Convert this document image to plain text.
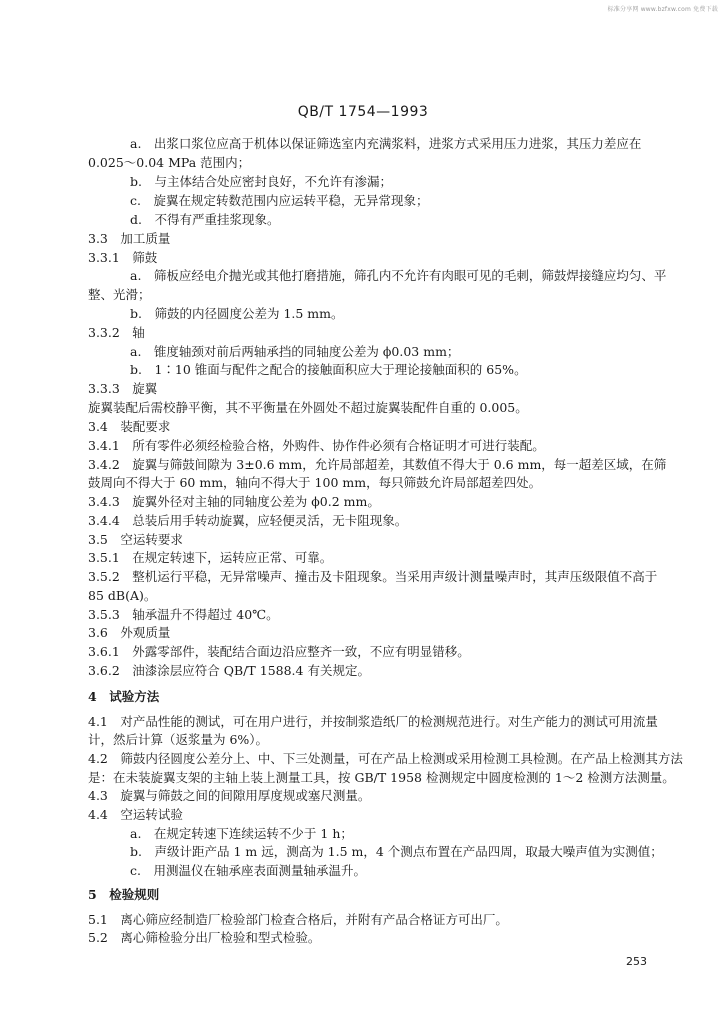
标准分享网 www.bzfxw.com 免费下载
QB/T 1754—1993
a.　出浆口浆位应高于机体以保证筛选室内充满浆料，进浆方式采用压力进浆，其压力差应在
0.025～0.04 MPa 范围内；
b.　与主体结合处应密封良好，不允许有渗漏；
c.　旋翼在规定转数范围内应运转平稳，无异常现象；
d.　不得有严重挂浆现象。
3.3　加工质量
3.3.1　筛鼓
a.　筛板应经电介抛光或其他打磨措施，筛孔内不允许有肉眼可见的毛刺，筛鼓焊接缝应均匀、平
整、光滑；
b.　筛鼓的内径圆度公差为 1.5 mm。
3.3.2　轴
a.　锥度轴颈对前后两轴承挡的同轴度公差为 ϕ0.03 mm；
b.　1∶10 锥面与配件之配合的接触面积应大于理论接触面积的 65%。
3.3.3　旋翼
旋翼装配后需校静平衡，其不平衡量在外圆处不超过旋翼装配件自重的 0.005。
3.4　装配要求
3.4.1　所有零件必须经检验合格，外购件、协作件必须有合格证明才可进行装配。
3.4.2　旋翼与筛鼓间隙为 3±0.6 mm，允许局部超差，其数值不得大于 0.6 mm，每一超差区域，在筛
鼓周向不得大于 60 mm，轴向不得大于 100 mm，每只筛鼓允许局部超差四处。
3.4.3　旋翼外径对主轴的同轴度公差为 ϕ0.2 mm。
3.4.4　总装后用手转动旋翼，应轻便灵活，无卡阻现象。
3.5　空运转要求
3.5.1　在规定转速下，运转应正常、可靠。
3.5.2　整机运行平稳，无异常噪声、撞击及卡阻现象。当采用声级计测量噪声时，其声压级限值不高于
85 dB(A)。
3.5.3　轴承温升不得超过 40℃。
3.6　外观质量
3.6.1　外露零部件，装配结合面边沿应整齐一致，不应有明显错移。
3.6.2　油漆涂层应符合 QB/T 1588.4 有关规定。
4　试验方法
4.1　对产品性能的测试，可在用户进行，并按制浆造纸厂的检测规范进行。对生产能力的测试可用流量
计，然后计算（返浆量为 6%）。
4.2　筛鼓内径圆度公差分上、中、下三处测量，可在产品上检测或采用检测工具检测。在产品上检测其方法
是：在未装旋翼支架的主轴上装上测量工具，按 GB/T 1958 检测规定中圆度检测的 1～2 检测方法测量。
4.3　旋翼与筛鼓之间的间隙用厚度规或塞尺测量。
4.4　空运转试验
a.　在规定转速下连续运转不少于 1 h；
b.　声级计距产品 1 m 远，测高为 1.5 m，4 个测点布置在产品四周，取最大噪声值为实测值；
c.　用测温仪在轴承座表面测量轴承温升。
5　检验规则
5.1　离心筛应经制造厂检验部门检查合格后，并附有产品合格证方可出厂。
5.2　离心筛检验分出厂检验和型式检验。
253
